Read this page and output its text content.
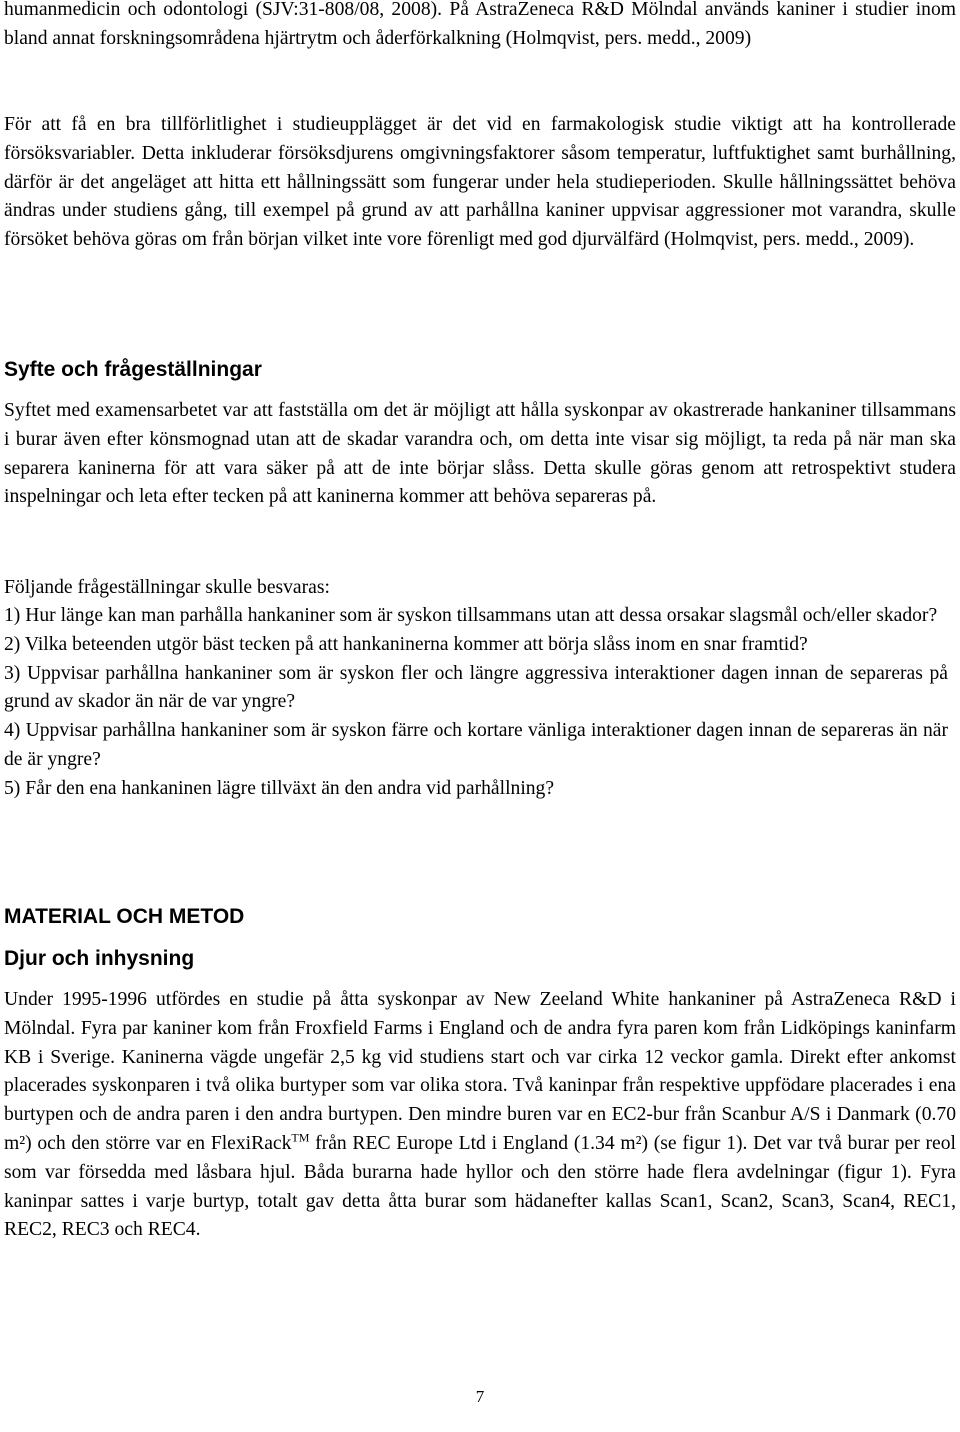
humanmedicin och odontologi (SJV:31-808/08, 2008). På AstraZeneca R&D Mölndal används kaniner i studier inom bland annat forskningsområdena hjärtrytm och åderförkalkning (Holmqvist, pers. medd., 2009)

För att få en bra tillförlitlighet i studieupplägget är det vid en farmakologisk studie viktigt att ha kontrollerade försöksvariabler. Detta inkluderar försöksdjurens omgivningsfaktorer såsom temperatur, luftfuktighet samt burhållning, därför är det angeläget att hitta ett hållningssätt som fungerar under hela studieperioden. Skulle hållningssättet behöva ändras under studiens gång, till exempel på grund av att parhållna kaniner uppvisar aggressioner mot varandra, skulle försöket behöva göras om från början vilket inte vore förenligt med god djurvälfärd (Holmqvist, pers. medd., 2009).

Syfte och frågeställningar

Syftet med examensarbetet var att fastställa om det är möjligt att hålla syskonpar av okastrerade hankaniner tillsammans i burar även efter könsmognad utan att de skadar varandra och, om detta inte visar sig möjligt, ta reda på när man ska separera kaninerna för att vara säker på att de inte börjar slåss. Detta skulle göras genom att retrospektivt studera inspelningar och leta efter tecken på att kaninerna kommer att behöva separeras på.

Följande frågeställningar skulle besvaras:

1) Hur länge kan man parhålla hankaniner som är syskon tillsammans utan att dessa orsakar slagsmål och/eller skador?

2) Vilka beteenden utgör bäst tecken på att hankaninerna kommer att börja slåss inom en snar framtid?

3) Uppvisar parhållna hankaniner som är syskon fler och längre aggressiva interaktioner dagen innan de separeras på grund av skador än när de var yngre?

4) Uppvisar parhållna hankaniner som är syskon färre och kortare vänliga interaktioner dagen innan de separeras än när de är yngre?

5) Får den ena hankaninen lägre tillväxt än den andra vid parhållning?

MATERIAL OCH METOD
Djur och inhysning

Under 1995-1996 utfördes en studie på åtta syskonpar av New Zeeland White hankaniner på AstraZeneca R&D i Mölndal. Fyra par kaniner kom från Froxfield Farms i England och de andra fyra paren kom från Lidköpings kaninfarm KB i Sverige. Kaninerna vägde ungefär 2,5 kg vid studiens start och var cirka 12 veckor gamla. Direkt efter ankomst placerades syskonparen i två olika burtyper som var olika stora. Två kaninpar från respektive uppfödare placerades i ena burtypen och de andra paren i den andra burtypen. Den mindre buren var en EC2-bur från Scanbur A/S i Danmark (0.70 m²) och den större var en FlexiRack™ från REC Europe Ltd i England (1.34 m²) (se figur 1). Det var två burar per reol som var försedda med låsbara hjul. Båda burarna hade hyllor och den större hade flera avdelningar (figur 1). Fyra kaninpar sattes i varje burtyp, totalt gav detta åtta burar som hädanefter kallas Scan1, Scan2, Scan3, Scan4, REC1, REC2, REC3 och REC4.

7
